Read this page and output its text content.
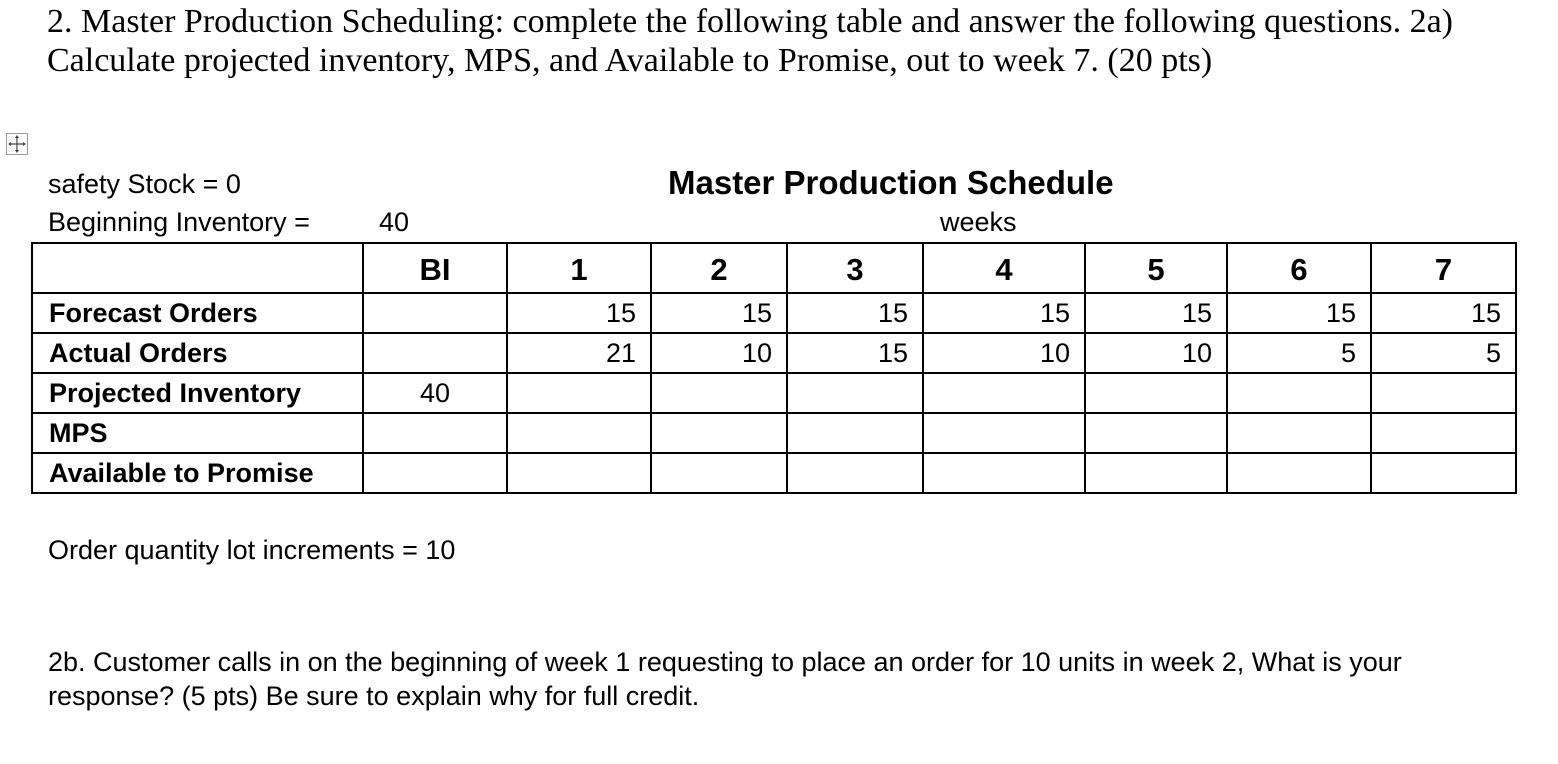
2. Master Production Scheduling: complete the following table and answer the following questions. 2a) Calculate projected inventory, MPS, and Available to Promise, out to week 7. (20 pts)
safety Stock = 0
Beginning Inventory =	40
Master Production Schedule
weeks
	BI	1	2	3	4	5	6	7
Forecast Orders		15	15	15	15	15	15	15
Actual Orders		21	10	15	10	10	5	5
Projected Inventory	40							
MPS								
Available to Promise								
Order quantity lot increments = 10
2b. Customer calls in on the beginning of week 1 requesting to place an order for 10 units in week 2, What is your response? (5 pts) Be sure to explain why for full credit.
